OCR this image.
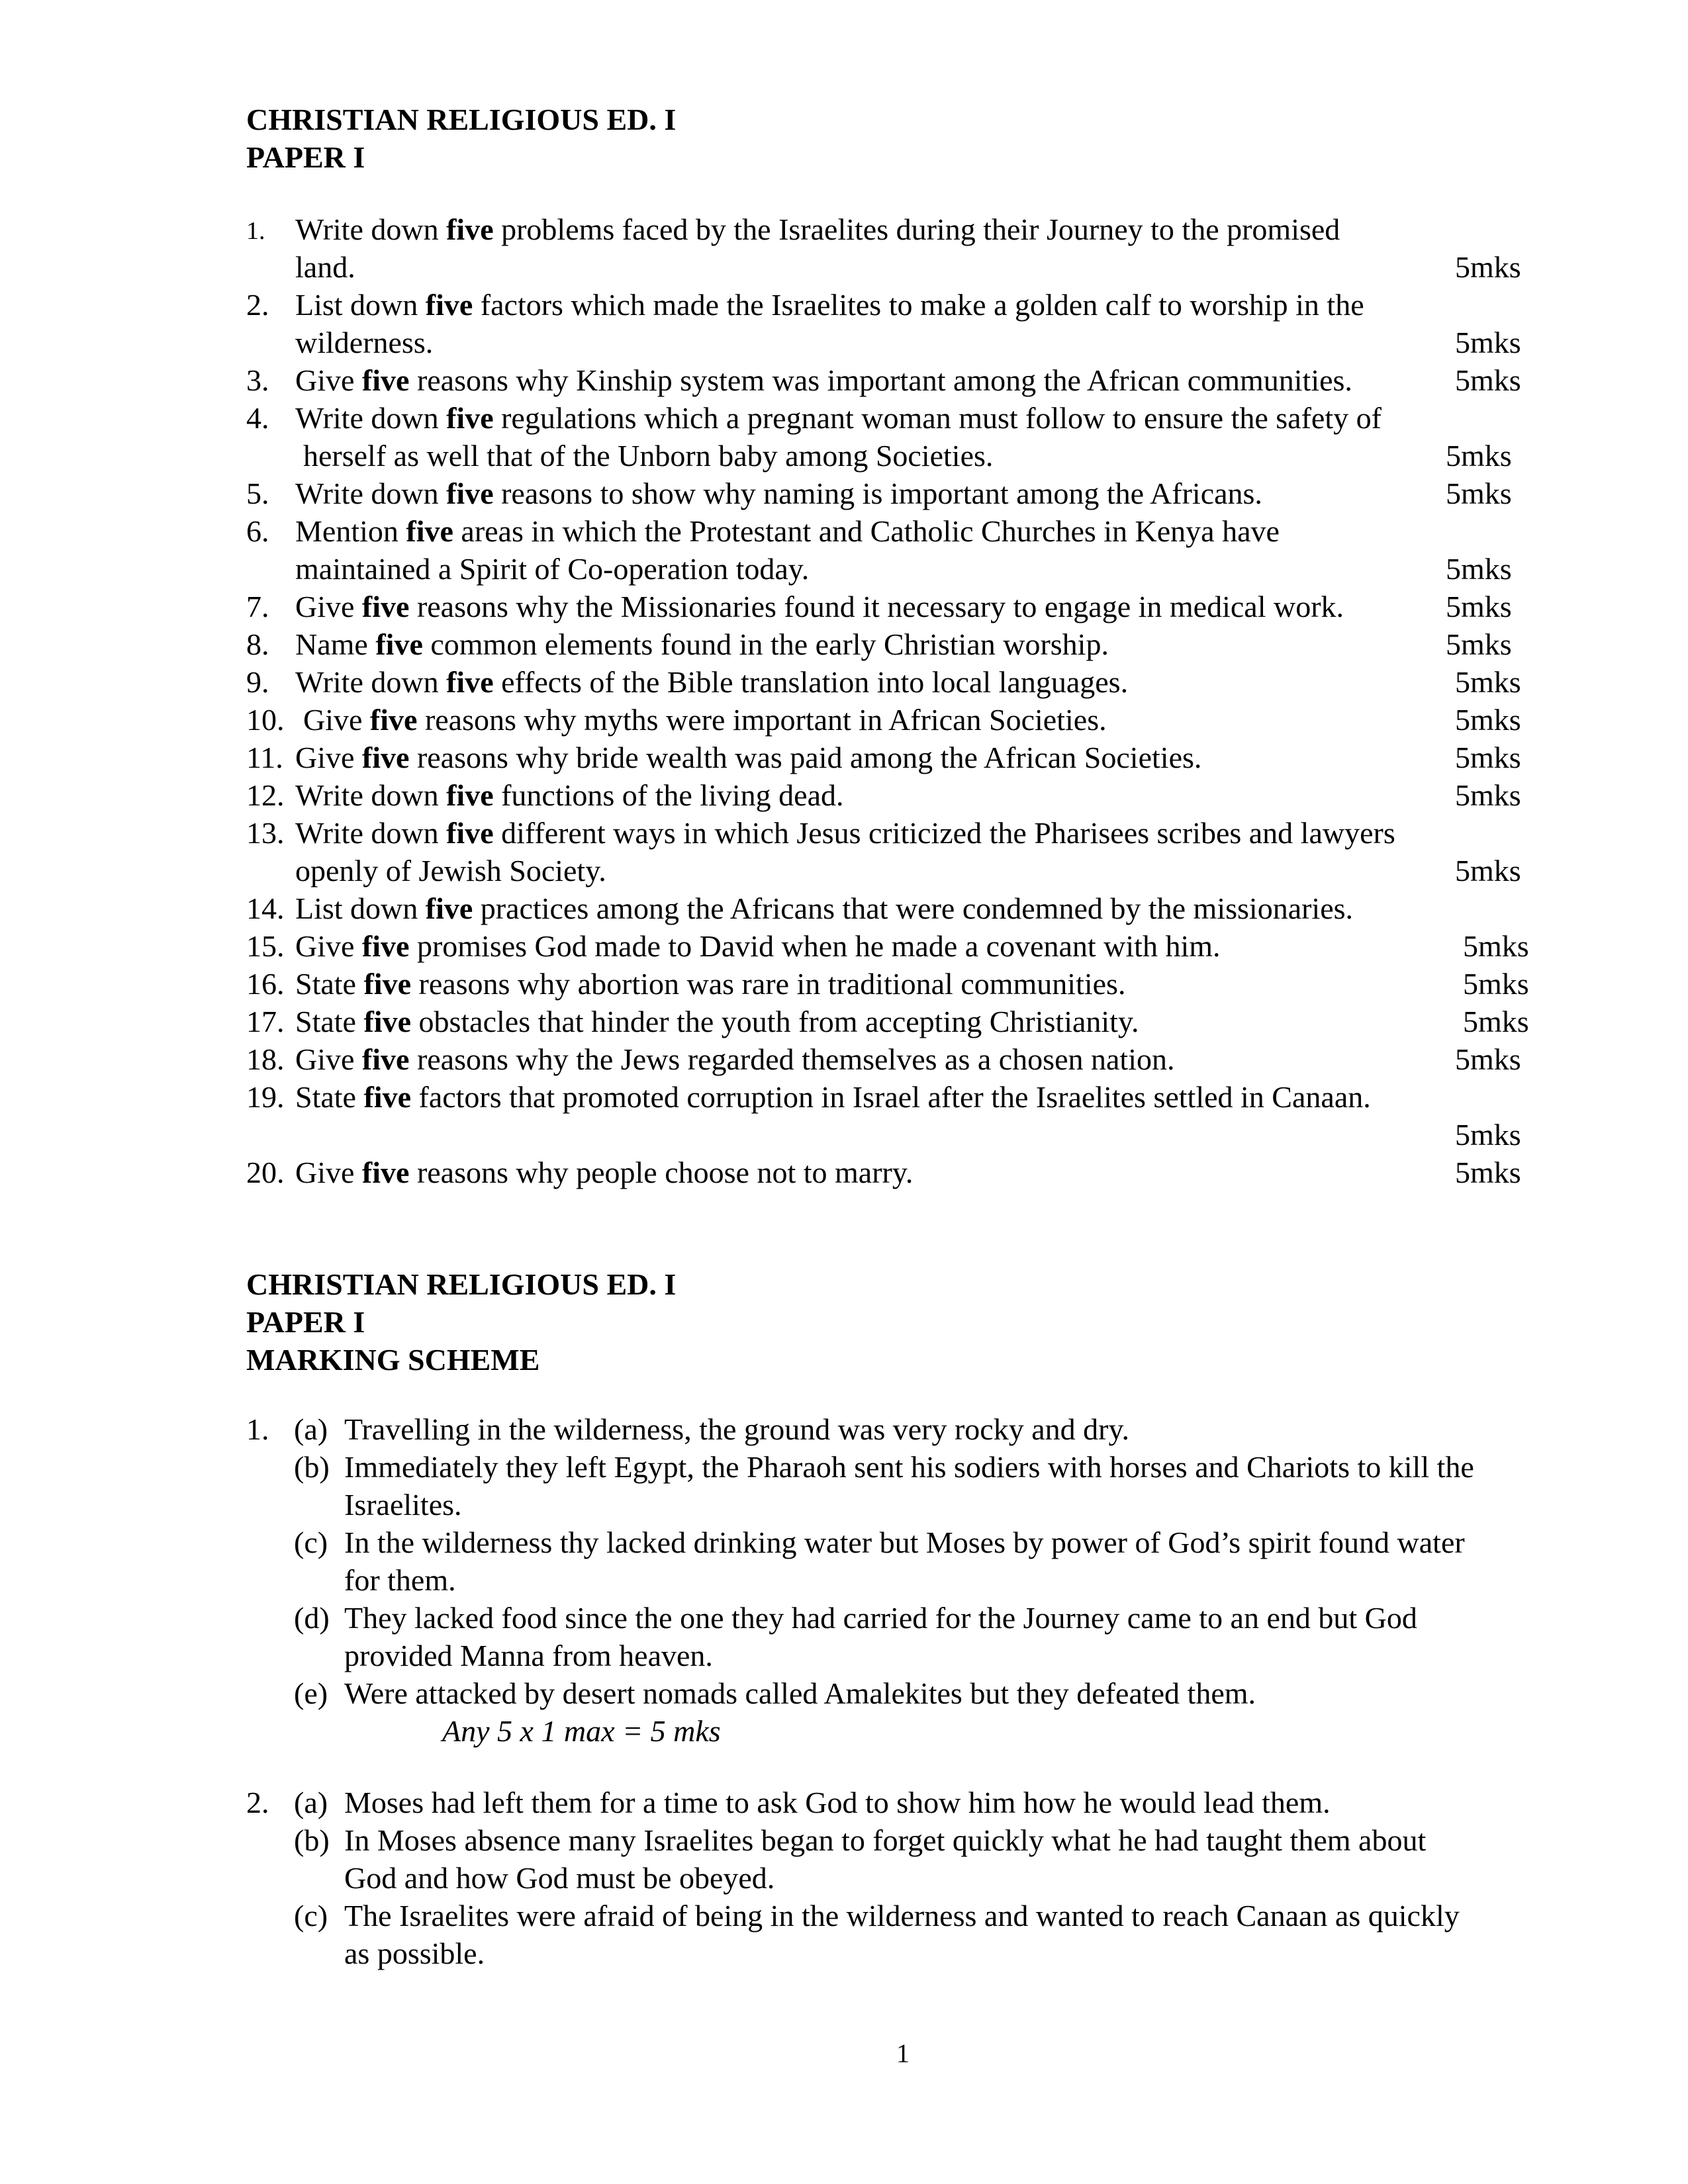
CHRISTIAN RELIGIOUS ED. I
PAPER I
1. Write down five problems faced by the Israelites during their Journey to the promised
land.	5mks
2. List down five factors which made the Israelites to make a golden calf to worship in the
wilderness.	5mks
3. Give five reasons why Kinship system was important among the African communities.	5mks
4. Write down five regulations which a pregnant woman must follow to ensure the safety of
herself as well that of the Unborn baby among Societies.	5mks
5. Write down five reasons to show why naming is important among the Africans.	5mks
6. Mention five areas in which the Protestant and Catholic Churches in Kenya have
maintained a Spirit of Co-operation today.	5mks
7. Give five reasons why the Missionaries found it necessary to engage in medical work.	5mks
8. Name five common elements found in the early Christian worship.	5mks
9. Write down five effects of the Bible translation into local languages.	5mks
10. Give five reasons why myths were important in African Societies.	5mks
11. Give five reasons why bride wealth was paid among the African Societies.	5mks
12. Write down five functions of the living dead.	5mks
13. Write down five different ways in which Jesus criticized the Pharisees scribes and lawyers
openly of Jewish Society.	5mks
14. List down five practices among the Africans that were condemned by the missionaries.
15. Give five promises God made to David when he made a covenant with him.	5mks
16. State five reasons why abortion was rare in traditional communities.	5mks
17. State five obstacles that hinder the youth from accepting Christianity.	5mks
18. Give five reasons why the Jews regarded themselves as a chosen nation.	5mks
19. State five factors that promoted corruption in Israel after the Israelites settled in Canaan.
5mks
20. Give five reasons why people choose not to marry.	5mks
CHRISTIAN RELIGIOUS ED. I
PAPER I
MARKING SCHEME
1. (a) Travelling in the wilderness, the ground was very rocky and dry.
(b) Immediately they left Egypt, the Pharaoh sent his sodiers with horses and Chariots to kill the
Israelites.
(c) In the wilderness thy lacked drinking water but Moses by power of God’s spirit found water
for them.
(d) They lacked food since the one they had carried for the Journey came to an end but God
provided Manna from heaven.
(e) Were attacked by desert nomads called Amalekites but they defeated them.
Any 5 x 1 max = 5 mks
2. (a) Moses had left them for a time to ask God to show him how he would lead them.
(b) In Moses absence many Israelites began to forget quickly what he had taught them about
God and how God must be obeyed.
(c) The Israelites were afraid of being in the wilderness and wanted to reach Canaan as quickly
as possible.
1
